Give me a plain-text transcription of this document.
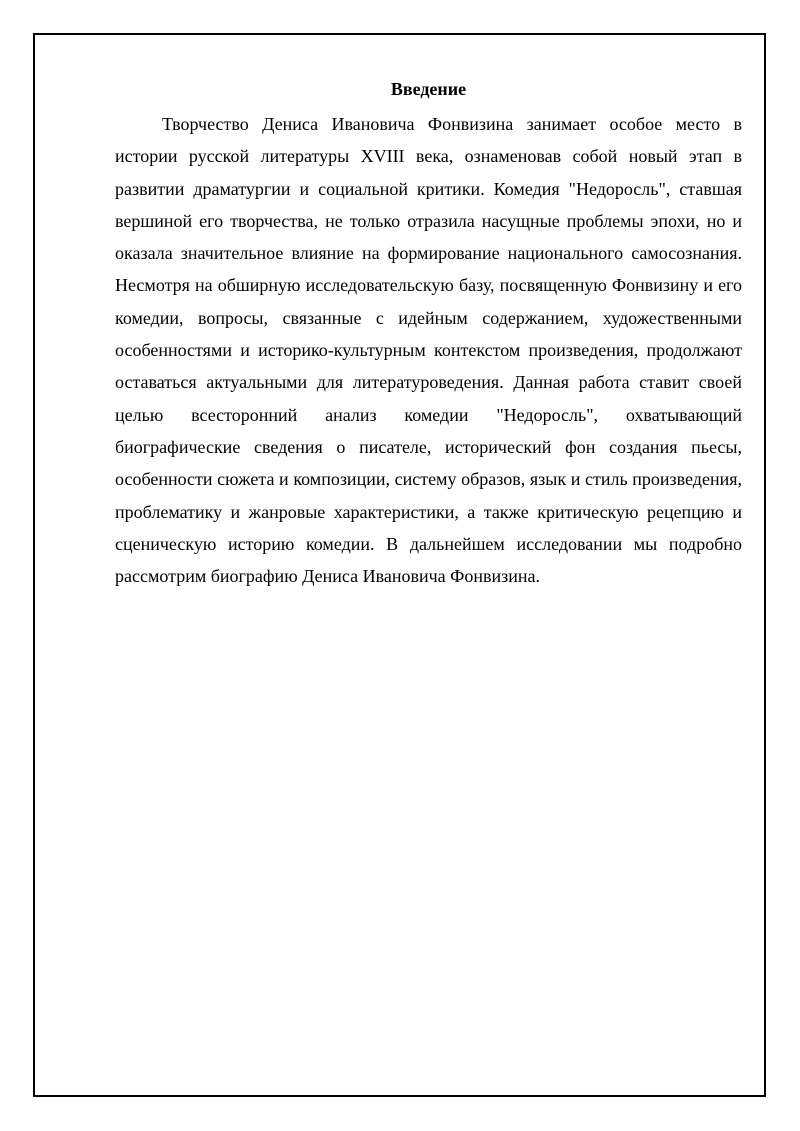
Введение

Творчество Дениса Ивановича Фонвизина занимает особое место в истории русской литературы XVIII века, ознаменовав собой новый этап в развитии драматургии и социальной критики. Комедия "Недоросль", ставшая вершиной его творчества, не только отразила насущные проблемы эпохи, но и оказала значительное влияние на формирование национального самосознания. Несмотря на обширную исследовательскую базу, посвященную Фонвизину и его комедии, вопросы, связанные с идейным содержанием, художественными особенностями и историко-культурным контекстом произведения, продолжают оставаться актуальными для литературоведения. Данная работа ставит своей целью всесторонний анализ комедии "Недоросль", охватывающий биографические сведения о писателе, исторический фон создания пьесы, особенности сюжета и композиции, систему образов, язык и стиль произведения, проблематику и жанровые характеристики, а также критическую рецепцию и сценическую историю комедии. В дальнейшем исследовании мы подробно рассмотрим биографию Дениса Ивановича Фонвизина.
